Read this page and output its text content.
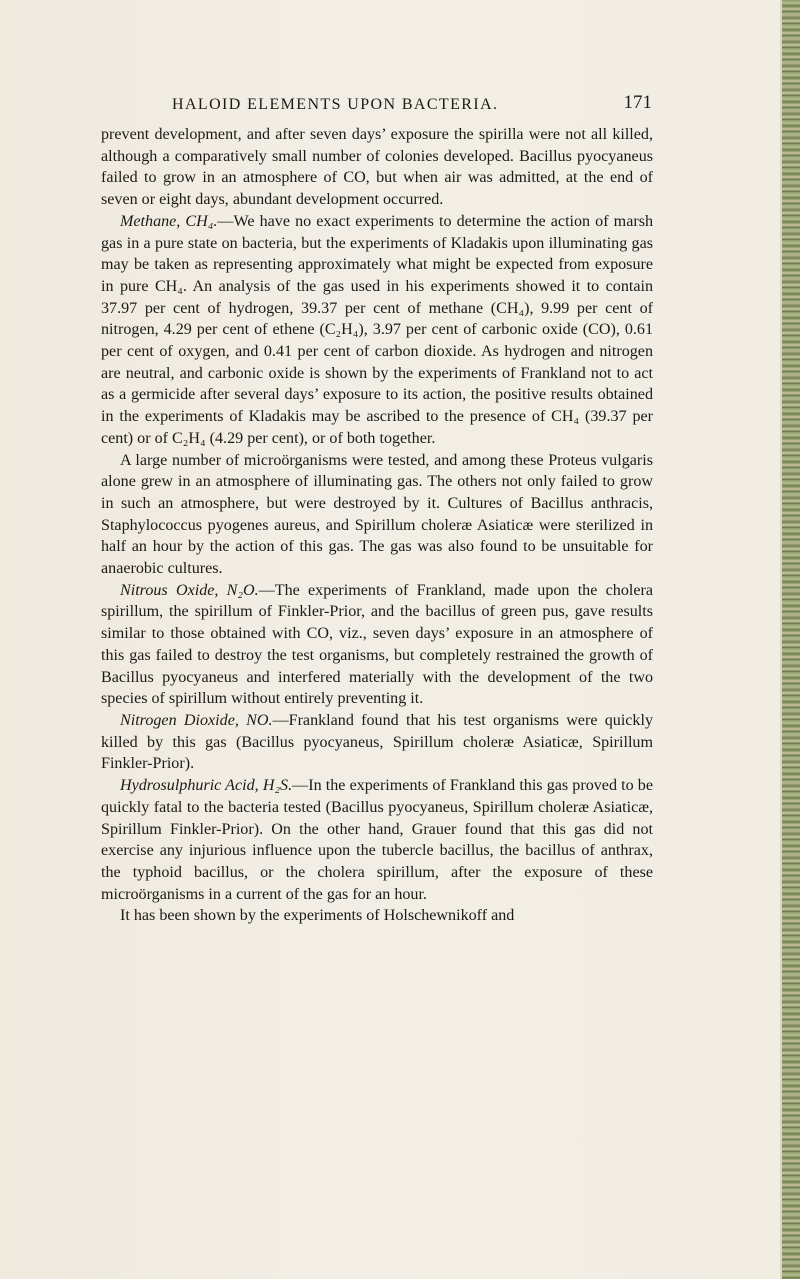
HALOID ELEMENTS UPON BACTERIA.	171

prevent development, and after seven days’ exposure the spirilla were not all killed, although a comparatively small number of colonies developed. Bacillus pyocyaneus failed to grow in an atmosphere of CO, but when air was admitted, at the end of seven or eight days, abundant development occurred.

Methane, CH₄.—We have no exact experiments to determine the action of marsh gas in a pure state on bacteria, but the experiments of Kladakis upon illuminating gas may be taken as representing approximately what might be expected from exposure in pure CH₄. An analysis of the gas used in his experiments showed it to contain 37.97 per cent of hydrogen, 39.37 per cent of methane (CH₄), 9.99 per cent of nitrogen, 4.29 per cent of ethene (C₂H₄), 3.97 per cent of carbonic oxide (CO), 0.61 per cent of oxygen, and 0.41 per cent of carbon dioxide. As hydrogen and nitrogen are neutral, and carbonic oxide is shown by the experiments of Frankland not to act as a germicide after several days’ exposure to its action, the positive results obtained in the experiments of Kladakis may be ascribed to the presence of CH₄ (39.37 per cent) or of C₂H₄ (4.29 per cent), or of both together.

A large number of microörganisms were tested, and among these Proteus vulgaris alone grew in an atmosphere of illuminating gas. The others not only failed to grow in such an atmosphere, but were destroyed by it. Cultures of Bacillus anthracis, Staphylococcus pyogenes aureus, and Spirillum choleræ Asiaticæ were sterilized in half an hour by the action of this gas. The gas was also found to be unsuitable for anaerobic cultures.

Nitrous Oxide, N₂O.—The experiments of Frankland, made upon the cholera spirillum, the spirillum of Finkler-Prior, and the bacillus of green pus, gave results similar to those obtained with CO, viz., seven days’ exposure in an atmosphere of this gas failed to destroy the test organisms, but completely restrained the growth of Bacillus pyocyaneus and interfered materially with the development of the two species of spirillum without entirely preventing it.

Nitrogen Dioxide, NO.—Frankland found that his test organisms were quickly killed by this gas (Bacillus pyocyaneus, Spirillum choleræ Asiaticæ, Spirillum Finkler-Prior).

Hydrosulphuric Acid, H₂S.—In the experiments of Frankland this gas proved to be quickly fatal to the bacteria tested (Bacillus pyocyaneus, Spirillum choleræ Asiaticæ, Spirillum Finkler-Prior). On the other hand, Grauer found that this gas did not exercise any injurious influence upon the tubercle bacillus, the bacillus of anthrax, the typhoid bacillus, or the cholera spirillum, after the exposure of these microörganisms in a current of the gas for an hour.

It has been shown by the experiments of Holschewnikoff and
